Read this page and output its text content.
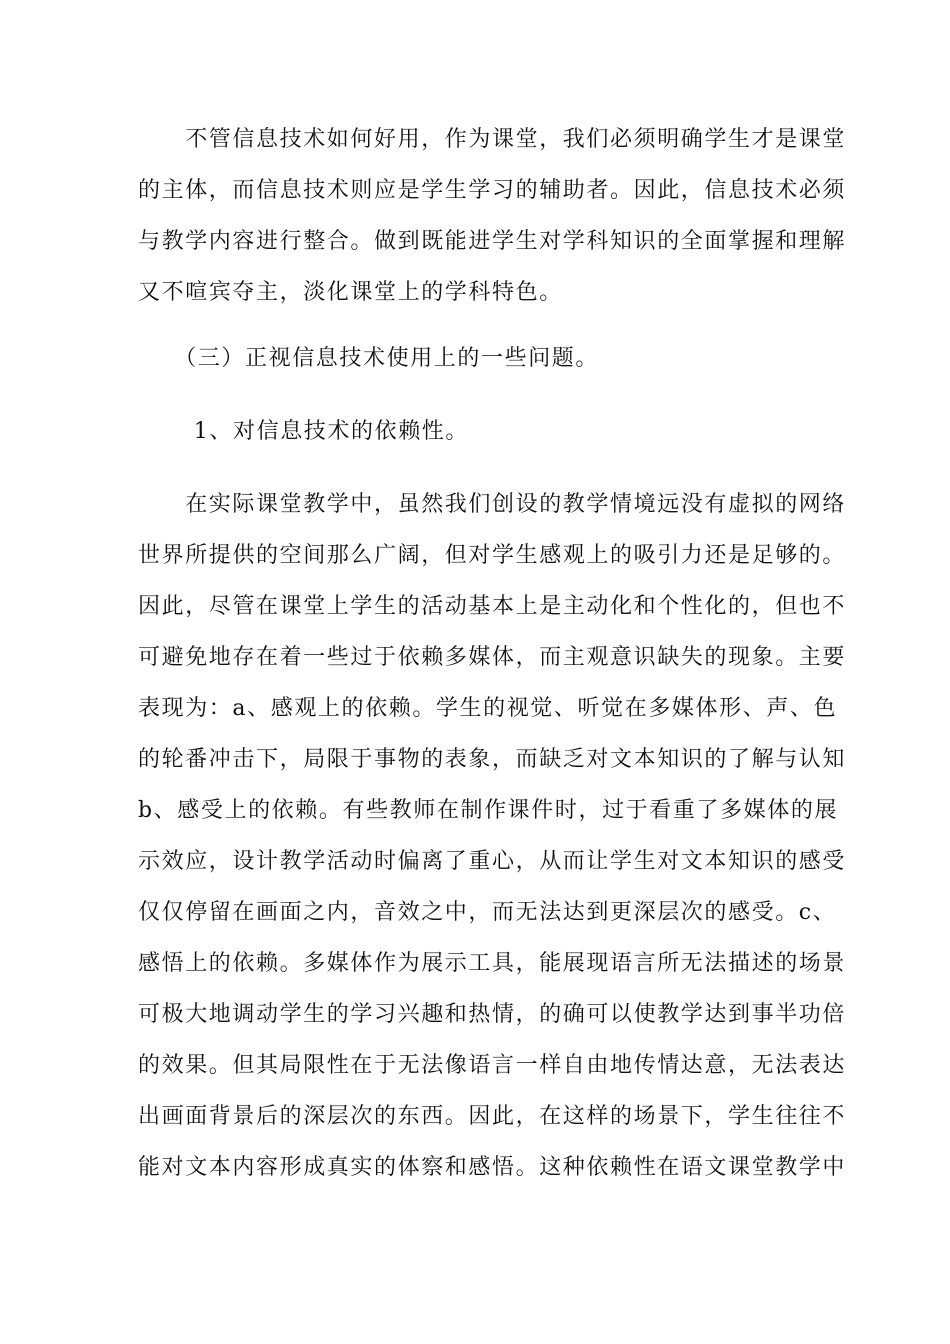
　　不管信息技术如何好用，作为课堂，我们必须明确学生才是课堂
的主体，而信息技术则应是学生学习的辅助者。因此，信息技术必须
与教学内容进行整合。做到既能进学生对学科知识的全面掌握和理解
又不喧宾夺主，淡化课堂上的学科特色。
　　（三）正视信息技术使用上的一些问题。
　　 1、对信息技术的依赖性。
　　在实际课堂教学中，虽然我们创设的教学情境远没有虚拟的网络
世界所提供的空间那么广阔，但对学生感观上的吸引力还是足够的。
因此，尽管在课堂上学生的活动基本上是主动化和个性化的，但也不
可避免地存在着一些过于依赖多媒体，而主观意识缺失的现象。主要
表现为：a、感观上的依赖。学生的视觉、听觉在多媒体形、声、色
的轮番冲击下，局限于事物的表象，而缺乏对文本知识的了解与认知
b、感受上的依赖。有些教师在制作课件时，过于看重了多媒体的展
示效应，设计教学活动时偏离了重心，从而让学生对文本知识的感受
仅仅停留在画面之内，音效之中，而无法达到更深层次的感受。c、
感悟上的依赖。多媒体作为展示工具，能展现语言所无法描述的场景
可极大地调动学生的学习兴趣和热情，的确可以使教学达到事半功倍
的效果。但其局限性在于无法像语言一样自由地传情达意，无法表达
出画面背景后的深层次的东西。因此，在这样的场景下，学生往往不
能对文本内容形成真实的体察和感悟。这种依赖性在语文课堂教学中
